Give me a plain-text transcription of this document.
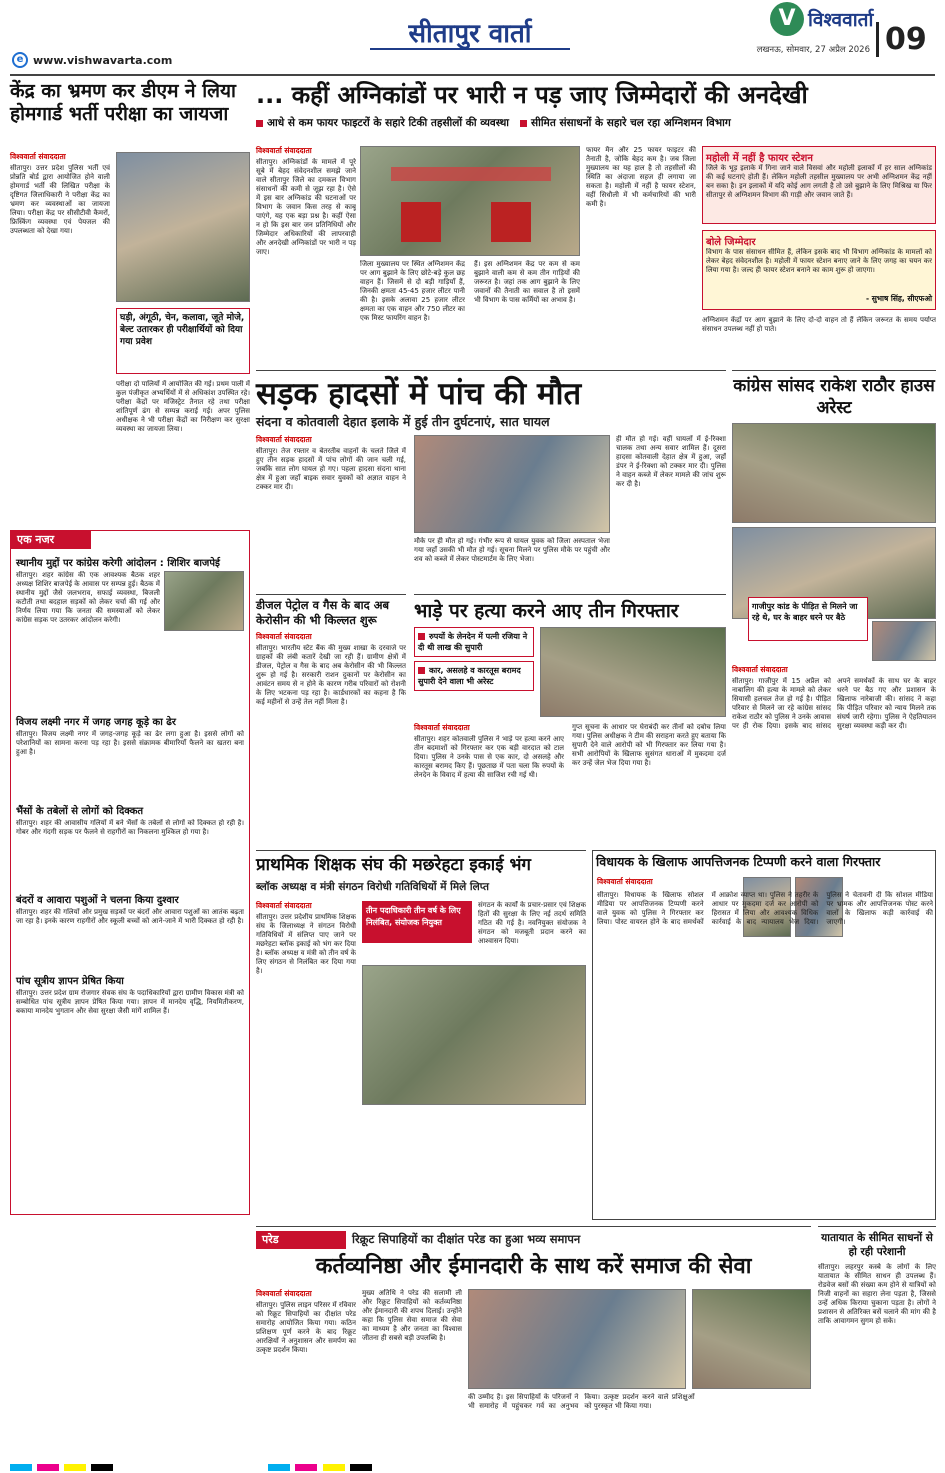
सीतापुर वार्ता
V विश्ववार्ता
लखनऊ, सोमवार, 27 अप्रैल 2026 09
e www.vishwavarta.com
केंद्र का भ्रमण कर डीएम ने लिया होमगार्ड भर्ती परीक्षा का जायजा
विश्ववार्ता संवाददाता
सीतापुर। उत्तर प्रदेश पुलिस भर्ती एवं प्रोन्नति बोर्ड द्वारा आयोजित होने वाली होमगार्ड भर्ती की लिखित परीक्षा के दृष्टिगत जिलाधिकारी ने परीक्षा केंद्र का भ्रमण कर व्यवस्थाओं का जायजा लिया। परीक्षा केंद्र पर सीसीटीवी कैमरों, फ्रिस्किंग व्यवस्था एवं पेयजल की उपलब्धता को देखा गया।
घड़ी, अंगूठी, चेन, कलावा, जूते मोजे, बेल्ट उतारकर ही परीक्षार्थियों को दिया गया प्रवेश
परीक्षा दो पालियों में आयोजित की गई। प्रथम पाली में कुल पंजीकृत अभ्यर्थियों में से अधिकांश उपस्थित रहे। परीक्षा केंद्रों पर मजिस्ट्रेट तैनात रहे तथा परीक्षा शांतिपूर्ण ढंग से सम्पन्न कराई गई। अपर पुलिस अधीक्षक ने भी परीक्षा केंद्रों का निरीक्षण कर सुरक्षा व्यवस्था का जायजा लिया।
... कहीं अग्निकांडों पर भारी न पड़ जाए जिम्मेदारों की अनदेखी
आधे से कम फायर फाइटरों के सहारे टिकी तहसीलों की व्यवस्था सीमित संसाधनों के सहारे चल रहा अग्निशमन विभाग
विश्ववार्ता संवाददाता
सीतापुर। अग्निकांडों के मामले में पूरे सूबे में बेहद संवेदनशील समझे जाने वाले सीतापुर जिले का दमकल विभाग संसाधनों की कमी से जूझ रहा है। ऐसे में इस बार अग्निकांड की घटनाओं पर विभाग के जवान किस तरह से काबू पाएंगे, यह एक बड़ा प्रश्न है। कहीं ऐसा न हो कि इस बार जन प्रतिनिधियों और जिम्मेदार अधिकारियों की लापरवाही और अनदेखी अग्निकांडों पर भारी न पड़ जाए।
जिला मुख्यालय पर स्थित अग्निशमन केंद्र पर आग बुझाने के लिए छोटे-बड़े कुल छह वाहन हैं। जिसमें से दो बड़ी गाड़ियाँ हैं, जिनकी क्षमता 45-45 हजार लीटर पानी की है। इसके अलावा 25 हजार लीटर क्षमता का एक वाहन और 750 लीटर का एक मिस्ट फायरिंग वाहन है।
हैं। इस अग्निशमन केंद्र पर कम से कम बुझाने वाली कम से कम तीन गाड़ियों की जरूरत है। जहां तक आग बुझाने के लिए जवानों की तैनाती का सवाल है तो इसमें भी विभाग के पास कर्मियों का अभाव है।
फायर मैन और 25 फायर फाइटर की तैनाती है, जोकि बेहद कम है। जब जिला मुख्यालय का यह हाल है तो तहसीलों की स्थिति का अंदाजा सहज ही लगाया जा सकता है। महोली में नहीं है फायर स्टेशन, वहीं सिधौली में भी कर्मचारियों की भारी कमी है।
महोली में नहीं है फायर स्टेशन
जिले के भूड़ इलाके में गिना जाने वाले विसवां और महोली इलाकों में हर साल अग्निकांड की कई घटनाएं होती हैं। लेकिन महोली तहसील मुख्यालय पर अभी अग्निशमन केंद्र नहीं बन सका है। इन इलाकों में यदि कोई आग लगती है तो उसे बुझाने के लिए मिश्रिख या फिर सीतापुर से अग्निशमन विभाग की गाड़ी और जवान जाते हैं।
बोले जिम्मेदार
विभाग के पास संसाधन सीमित हैं, लेकिन इसके बाद भी विभाग अग्निकांड के मामलों को लेकर बेहद संवेदनशील है। महोली में फायर स्टेशन बनाए जाने के लिए जगह का चयन कर लिया गया है। जल्द ही फायर स्टेशन बनाने का काम शुरू हो जाएगा।
- सुभाष सिंह, सीएफओ
अग्निशमन केंद्रों पर आग बुझाने के लिए दो-दो वाहन तो हैं लेकिन जरूरत के समय पर्याप्त संसाधन उपलब्ध नहीं हो पाते।
सड़क हादसों में पांच की मौत
संदना व कोतवाली देहात इलाके में हुई तीन दुर्घटनाएं, सात घायल
विश्ववार्ता संवाददाता
सीतापुर। तेज रफ्तार व बेतरतीब वाहनों के चलते जिले में हुए तीन सड़क हादसों में पांच लोगों की जान चली गई, जबकि सात लोग घायल हो गए। पहला हादसा संदना थाना क्षेत्र में हुआ जहाँ बाइक सवार युवकों को अज्ञात वाहन ने टक्कर मार दी।
मौके पर ही मौत हो गई। गंभीर रूप से घायल युवक को जिला अस्पताल भेजा गया जहाँ उसकी भी मौत हो गई। सूचना मिलने पर पुलिस मौके पर पहुंची और शव को कब्जे में लेकर पोस्टमार्टम के लिए भेजा।
ही मौत हो गई। वहीं घायलों में ई-रिक्शा चालक तथा अन्य सवार शामिल हैं। दूसरा हादसा कोतवाली देहात क्षेत्र में हुआ, जहाँ डंपर ने ई-रिक्शा को टक्कर मार दी। पुलिस ने वाहन कब्जे में लेकर मामले की जांच शुरू कर दी है।
कांग्रेस सांसद राकेश राठौर हाउस अरेस्ट
गाजीपुर कांड के पीड़ित से मिलने जा रहे थे, घर के बाहर धरने पर बैठे
विश्ववार्ता संवाददाता
सीतापुर। गाजीपुर में 15 अप्रैल को नाबालिग की हत्या के मामले को लेकर सियासी हलचल तेज हो गई है। पीड़ित परिवार से मिलने जा रहे कांग्रेस सांसद राकेश राठौर को पुलिस ने उनके आवास पर ही रोक दिया। इसके बाद सांसद अपने समर्थकों के साथ घर के बाहर धरने पर बैठ गए और प्रशासन के खिलाफ नारेबाजी की। सांसद ने कहा कि पीड़ित परिवार को न्याय मिलने तक संघर्ष जारी रहेगा। पुलिस ने ऐहतियातन सुरक्षा व्यवस्था कड़ी कर दी।
एक नजर
स्थानीय मुद्दों पर कांग्रेस करेगी आंदोलन : शिशिर बाजपेई
सीतापुर। शहर कांग्रेस की एक आवश्यक बैठक शहर अध्यक्ष शिशिर बाजपेई के आवास पर सम्पन्न हुई। बैठक में स्थानीय मुद्दों जैसे जलभराव, सफाई व्यवस्था, बिजली कटौती तथा बदहाल सड़कों को लेकर चर्चा की गई और निर्णय लिया गया कि जनता की समस्याओं को लेकर कांग्रेस सड़क पर उतरकर आंदोलन करेगी।
विजय लक्ष्मी नगर में जगह जगह कूड़े का ढेर
सीतापुर। विजय लक्ष्मी नगर में जगह-जगह कूड़े का ढेर लगा हुआ है। इससे लोगों को परेशानियों का सामना करना पड़ रहा है। इससे संक्रामक बीमारियाँ फैलने का खतरा बना हुआ है।
भैंसों के तबेलों से लोगों को दिक्कत
सीतापुर। शहर की आवासीय गलियों में बने भैंसों के तबेलों से लोगों को दिक्कत हो रही है। गोबर और गंदगी सड़क पर फैलने से राहगीरों का निकलना मुश्किल हो गया है।
बंदरों व आवारा पशुओं ने चलना किया दुश्वार
सीतापुर। शहर की गलियों और प्रमुख सड़कों पर बंदरों और आवारा पशुओं का आतंक बढ़ता जा रहा है। इनके कारण राहगीरों और स्कूली बच्चों को आने-जाने में भारी दिक्कत हो रही है।
पांच सूत्रीय ज्ञापन प्रेषित किया
सीतापुर। उत्तर प्रदेश ग्राम रोजगार सेवक संघ के पदाधिकारियों द्वारा ग्रामीण विकास मंत्री को सम्बोधित पांच सूत्रीय ज्ञापन प्रेषित किया गया। ज्ञापन में मानदेय वृद्धि, नियमितीकरण, बकाया मानदेय भुगतान और सेवा सुरक्षा जैसी मांगें शामिल हैं।
डीजल पेट्रोल व गैस के बाद अब केरोसीन की भी किल्लत शुरू
विश्ववार्ता संवाददाता
सीतापुर। भारतीय स्टेट बैंक की मुख्य शाखा के दरवाजे पर ग्राहकों की लंबी कतारें देखी जा रही हैं। ग्रामीण क्षेत्रों में डीजल, पेट्रोल व गैस के बाद अब केरोसीन की भी किल्लत शुरू हो गई है। सरकारी राशन दुकानों पर केरोसीन का आवंटन समय से न होने के कारण गरीब परिवारों को रोशनी के लिए भटकना पड़ रहा है। कार्डधारकों का कहना है कि कई महीनों से उन्हें तेल नहीं मिला है।
भाड़े पर हत्या करने आए तीन गिरफ्तार
रुपयों के लेनदेन में पत्नी रजिया ने दी थी लाख की सुपारी
कार, असलहे व कारतूस बरामद सुपारी देने वाला भी अरेस्ट
विश्ववार्ता संवाददाता
सीतापुर। शहर कोतवाली पुलिस ने भाड़े पर हत्या करने आए तीन बदमाशों को गिरफ्तार कर एक बड़ी वारदात को टाल दिया। पुलिस ने उनके पास से एक कार, दो असलहे और कारतूस बरामद किए हैं। पूछताछ में पता चला कि रुपयों के लेनदेन के विवाद में हत्या की साजिश रची गई थी।
गुप्त सूचना के आधार पर घेराबंदी कर तीनों को दबोच लिया गया। पुलिस अधीक्षक ने टीम की सराहना करते हुए बताया कि सुपारी देने वाले आरोपी को भी गिरफ्तार कर लिया गया है। सभी आरोपियों के खिलाफ सुसंगत धाराओं में मुकदमा दर्ज कर उन्हें जेल भेज दिया गया है।
प्राथमिक शिक्षक संघ की मछरेहटा इकाई भंग
ब्लॉक अध्यक्ष व मंत्री संगठन विरोधी गतिविधियों में मिले लिप्त
विश्ववार्ता संवाददाता
सीतापुर। उत्तर प्रदेशीय प्राथमिक शिक्षक संघ के जिलाध्यक्ष ने संगठन विरोधी गतिविधियों में संलिप्त पाए जाने पर मछरेहटा ब्लॉक इकाई को भंग कर दिया है। ब्लॉक अध्यक्ष व मंत्री को तीन वर्ष के लिए संगठन से निलंबित कर दिया गया है।
तीन पदाधिकारी तीन वर्ष के लिए निलंबित, संयोजक नियुक्त
संगठन के कार्यों के प्रचार-प्रसार एवं शिक्षक हितों की सुरक्षा के लिए नई तदर्थ समिति गठित की गई है। नवनियुक्त संयोजक ने संगठन को मजबूती प्रदान करने का आश्वासन दिया।
विधायक के खिलाफ आपत्तिजनक टिप्पणी करने वाला गिरफ्तार
विश्ववार्ता संवाददाता
सीतापुर। विधायक के खिलाफ सोशल मीडिया पर आपत्तिजनक टिप्पणी करने वाले युवक को पुलिस ने गिरफ्तार कर लिया। पोस्ट वायरल होने के बाद समर्थकों में आक्रोश व्याप्त था। पुलिस ने तहरीर के आधार पर मुकदमा दर्ज कर आरोपी को हिरासत में लिया और आवश्यक विधिक कार्रवाई के बाद न्यायालय भेज दिया। पुलिस ने चेतावनी दी कि सोशल मीडिया पर भ्रामक और आपत्तिजनक पोस्ट करने वालों के खिलाफ कड़ी कार्रवाई की जाएगी।
परेड	रिक्रूट सिपाहियों का दीक्षांत परेड का हुआ भव्य समापन
कर्तव्यनिष्ठा और ईमानदारी के साथ करें समाज की सेवा
विश्ववार्ता संवाददाता
सीतापुर। पुलिस लाइन परिसर में रविवार को रिक्रूट सिपाहियों का दीक्षांत परेड समारोह आयोजित किया गया। कठिन प्रशिक्षण पूर्ण करने के बाद रिक्रूट आरक्षियों ने अनुशासन और समर्पण का उत्कृष्ट प्रदर्शन किया।
मुख्य अतिथि ने परेड की सलामी ली और रिक्रूट सिपाहियों को कर्तव्यनिष्ठा और ईमानदारी की शपथ दिलाई। उन्होंने कहा कि पुलिस सेवा समाज की सेवा का माध्यम है और जनता का विश्वास जीतना ही सबसे बड़ी उपलब्धि है।
की उम्मीद है। इस सिपाहियों के परिजनों ने भी समारोह में पहुंचकर गर्व का अनुभव किया। उत्कृष्ट प्रदर्शन करने वाले प्रशिक्षुओं को पुरस्कृत भी किया गया।
यातायात के सीमित साधनों से हो रही परेशानी
सीतापुर। लहरपुर कस्बे के लोगों के लिए यातायात के सीमित साधन ही उपलब्ध हैं। रोडवेज बसों की संख्या कम होने से यात्रियों को निजी वाहनों का सहारा लेना पड़ता है, जिससे उन्हें अधिक किराया चुकाना पड़ता है। लोगों ने प्रशासन से अतिरिक्त बसें चलाने की मांग की है ताकि आवागमन सुगम हो सके।
